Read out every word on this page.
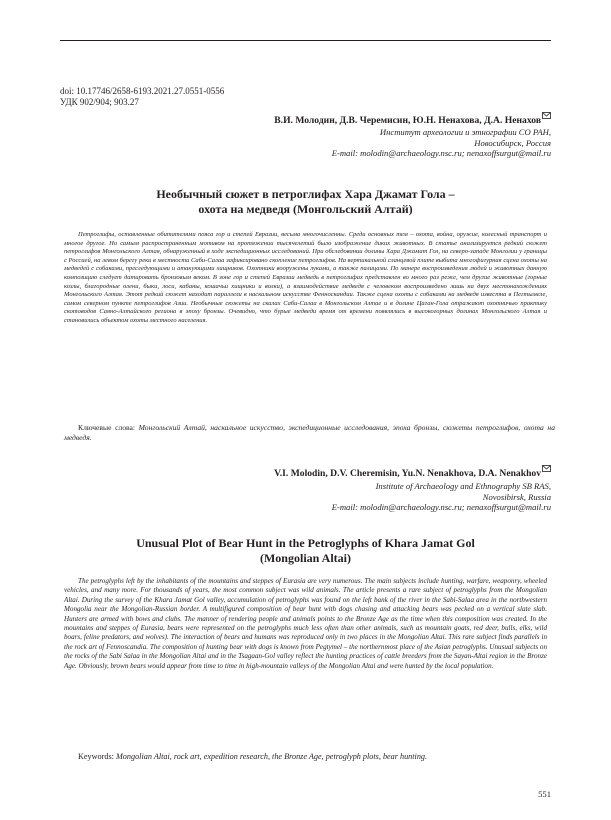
doi: 10.17746/2658-6193.2021.27.0551-0556
УДК 902/904; 903.27
В.И. Молодин, Д.В. Черемисин, Ю.Н. Ненахова, Д.А. Ненахов
Институт археологии и этнографии СО РАН,
Новосибирск, Россия
E-mail: molodin@archaeology.nsc.ru; nenaxoffsurgut@mail.ru
Необычный сюжет в петроглифах Хара Джамат Гола –
охота на медведя (Монгольский Алтай)

Петроглифы, оставленные обитателями пояса гор и степей Евразии, весьма многочисленны. Среди основных тем – охота, война, оружие, колесный транспорт и многое другое. Но самым распространенным мотивом на протяжении тысячелетий было изображение диких животных. В статье анализируется редкий сюжет петроглифов Монгольского Алтая, обнаруженный в ходе экспедиционных исследований. При обследовании долины Хара Джамат Гол, на северо-западе Монголии у границы с Россией, на левом берегу реки в местности Саби-Салаа зафиксировано скопление петроглифов. На вертикальной сланцевой плите выбита многофигурная сцена охоты на медведей с собаками, преследующими и атакующими хищников. Охотники вооружены луками, а также палицами. По манере воспроизведения людей и животных данную композицию следует датировать бронзовым веком. В зоне гор и степей Евразии медведь в петроглифах представлен во много раз реже, чем другие животные (горные козлы, благородные олени, быки, лоси, кабаны, кошачьи хищники и волки), а взаимодействие медведя с человеком воспроизведено лишь на двух местонахождениях Монгольского Алтая. Этот редкий сюжет находит параллели в наскальном искусстве Фенноскандии. Также сцена охоты с собаками на медведя известна в Пегтымеле, самом северном пункте петроглифов Азии. Необычные сюжеты на скалах Саби-Салаа в Монгольском Алтае и в долине Цаган-Гола отражают охотничью практику скотоводов Саяно-Алтайского региона в эпоху бронзы. Очевидно, что бурые медведи время от времени появлялись в высокогорных долинах Монгольского Алтая и становились объектом охоты местного населения.

Ключевые слова: Монгольский Алтай, наскальное искусство, экспедиционные исследования, эпоха бронзы, сюжеты петроглифов, охота на медведя.
V.I. Molodin, D.V. Cheremisin, Yu.N. Nenakhova, D.A. Nenakhov
Institute of Archaeology and Ethnography SB RAS,
Novosibirsk, Russia
E-mail: molodin@archaeology.nsc.ru; nenaxoffsurgut@mail.ru
Unusual Plot of Bear Hunt in the Petroglyphs of Khara Jamat Gol
(Mongolian Altai)

The petroglyphs left by the inhabitants of the mountains and steppes of Eurasia are very numerous. The main subjects include hunting, warfare, weaponry, wheeled vehicles, and many more. For thousands of years, the most common subject was wild animals. The article presents a rare subject of petroglyphs from the Mongolian Altai. During the survey of the Khara Jamat Gol valley, accumulation of petroglyphs was found on the left bank of the river in the Sabi-Salaa area in the northwestern Mongolia near the Mongolian-Russian border. A multifigured composition of bear hunt with dogs chasing and attacking bears was pecked on a vertical slate slab. Hunters are armed with bows and clubs. The manner of rendering people and animals points to the Bronze Age as the time when this composition was created. In the mountains and steppes of Eurasia, bears were represented on the petroglyphs much less often than other animals, such as mountain goats, red deer, bulls, elks, wild boars, feline predators, and wolves). The interaction of bears and humans was reproduced only in two places in the Mongolian Altai. This rare subject finds parallels in the rock art of Fennoscandia. The composition of hunting bear with dogs is known from Pegtymel – the northernmost place of the Asian petroglyphs. Unusual subjects on the rocks of the Sabi Salaa in the Mongolian Altai and in the Tsagaan-Gol valley reflect the hunting practices of cattle breeders from the Sayan-Altai region in the Bronze Age. Obviously, brown bears would appear from time to time in high-mountain valleys of the Mongolian Altai and were hunted by the local population.

Keywords: Mongolian Altai, rock art, expedition research, the Bronze Age, petroglyph plots, bear hunting.
551
